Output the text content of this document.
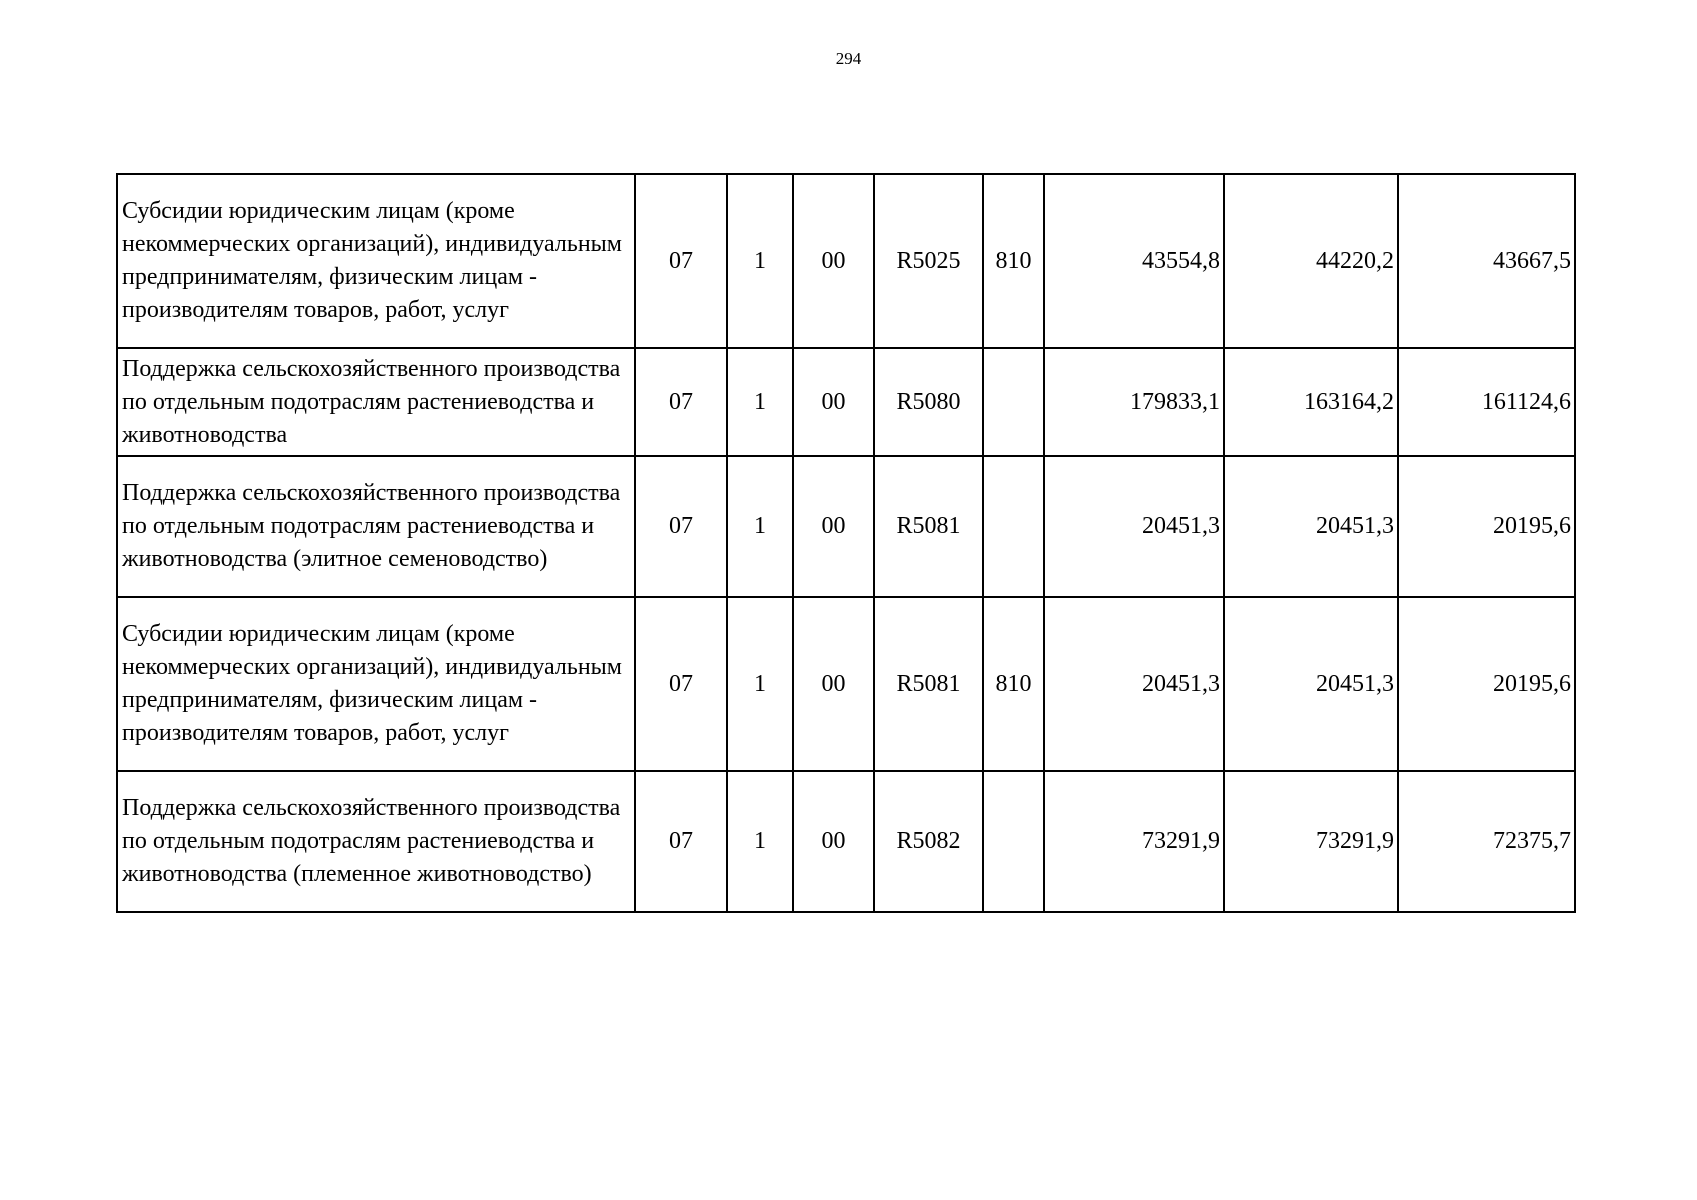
294
Субсидии юридическим лицам (кроме некоммерческих организаций), индивидуальным предпринимателям, физическим лицам - производителям товаров, работ, услуг	07	1	00	R5025	810	43554,8	44220,2	43667,5
Поддержка сельскохозяйственного производства по отдельным подотраслям растениеводства и животноводства	07	1	00	R5080		179833,1	163164,2	161124,6
Поддержка сельскохозяйственного производства по отдельным подотраслям растениеводства и животноводства (элитное семеноводство)	07	1	00	R5081		20451,3	20451,3	20195,6
Субсидии юридическим лицам (кроме некоммерческих организаций), индивидуальным предпринимателям, физическим лицам - производителям товаров, работ, услуг	07	1	00	R5081	810	20451,3	20451,3	20195,6
Поддержка сельскохозяйственного производства по отдельным подотраслям растениеводства и животноводства (племенное животноводство)	07	1	00	R5082		73291,9	73291,9	72375,7
